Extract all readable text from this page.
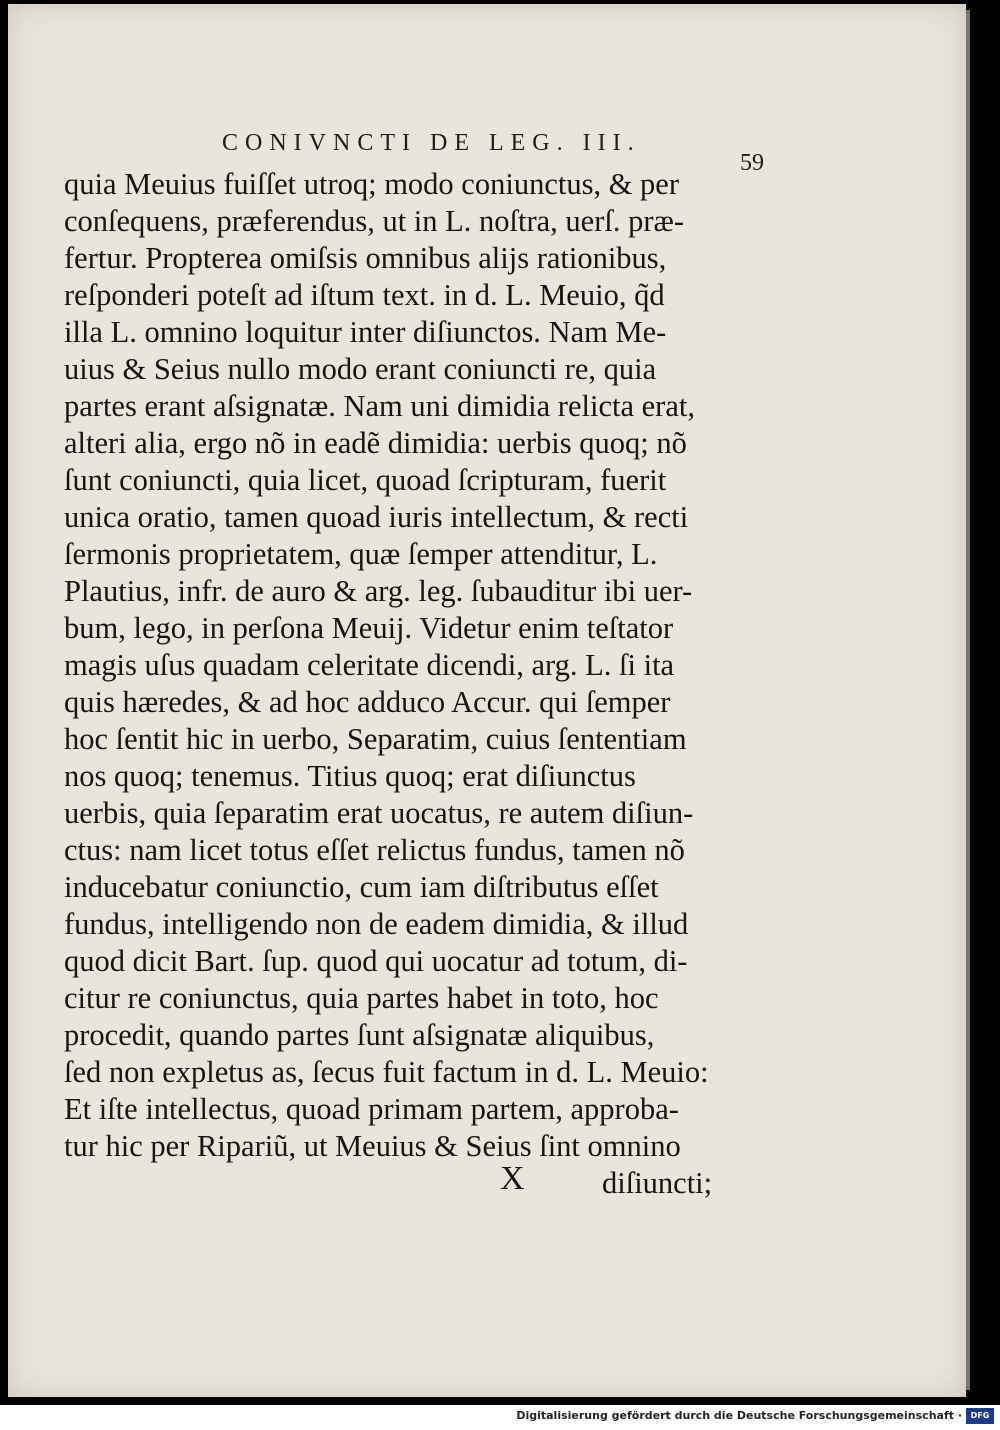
CONIVNCTI DE LEG. III.
59
quia Meuius fuiſſet utroq; modo coniunctus, & per
conſequens, præferendus, ut in L. noſtra, uerſ. præ-
fertur. Propterea omiſsis omnibus alijs rationibus,
reſponderi poteſt ad iſtum text. in d. L. Meuio, q̃d
illa L. omnino loquitur inter diſiunctos. Nam Me-
uius & Seius nullo modo erant coniuncti re, quia
partes erant aſsignatæ. Nam uni dimidia relicta erat,
alteri alia, ergo nõ in eadẽ dimidia: uerbis quoq; nõ
ſunt coniuncti, quia licet, quoad ſcripturam, fuerit
unica oratio, tamen quoad iuris intellectum, & recti
ſermonis proprietatem, quæ ſemper attenditur, L.
Plautius, infr. de auro & arg. leg. ſubauditur ibi uer-
bum, lego, in perſona Meuij. Videtur enim teſtator
magis uſus quadam celeritate dicendi, arg. L. ſi ita
quis hæredes, & ad hoc adduco Accur. qui ſemper
hoc ſentit hic in uerbo, Separatim, cuius ſententiam
nos quoq; tenemus. Titius quoq; erat diſiunctus
uerbis, quia ſeparatim erat uocatus, re autem diſiun-
ctus: nam licet totus eſſet relictus fundus, tamen nõ
inducebatur coniunctio, cum iam diſtributus eſſet
fundus, intelligendo non de eadem dimidia, & illud
quod dicit Bart. ſup. quod qui uocatur ad totum, di-
citur re coniunctus, quia partes habet in toto, hoc
procedit, quando partes ſunt aſsignatæ aliquibus,
ſed non expletus as, ſecus fuit factum in d. L. Meuio:
Et iſte intellectus, quoad primam partem, approba-
tur hic per Ripariũ, ut Meuius & Seius ſint omnino
X	diſiuncti;
Digitalisierung gefördert durch die Deutsche Forschungsgemeinschaft ·	DFG
